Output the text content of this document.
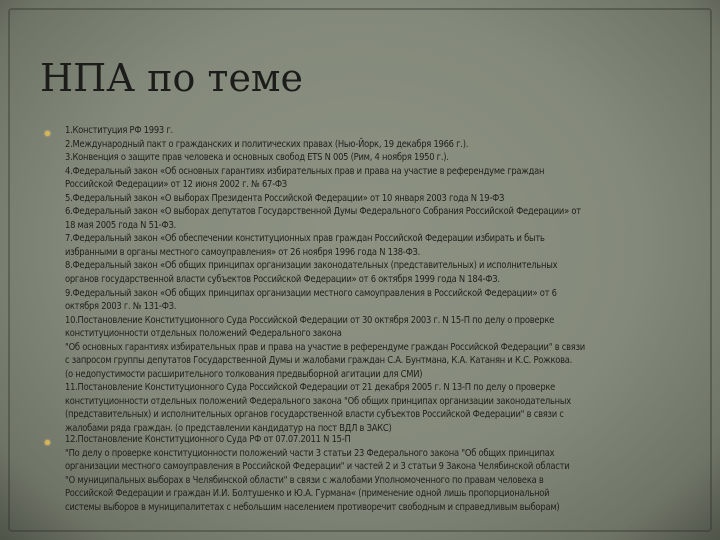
НПА по теме
1.Конституция РФ 1993 г.
2.Международный пакт о гражданских и политических правах (Нью-Йорк, 19 декабря 1966 г.).
3.Конвенция о защите прав человека и основных свобод ETS N 005 (Рим, 4 ноября 1950 г.).
4.Федеральный закон «Об основных гарантиях избирательных прав и права на участие в референдуме граждан
Российской Федерации» от 12 июня 2002 г. № 67-ФЗ
5.Федеральный закон «О выборах Президента Российской Федерации» от 10 января 2003 года N 19-ФЗ
6.Федеральный закон «О выборах депутатов Государственной Думы Федерального Собрания Российской Федерации» от
18 мая 2005 года N 51-ФЗ.
7.Федеральный закон «Об обеспечении конституционных прав граждан Российской Федерации избирать и быть
избранными в органы местного самоуправления» от 26 ноября 1996 года N 138-ФЗ.
8.Федеральный закон «Об общих принципах организации законодательных (представительных) и исполнительных
органов государственной власти субъектов Российской Федерации» от 6 октября 1999 года N 184-ФЗ.
9.Федеральный закон «Об общих принципах организации местного самоуправления в Российской Федерации» от 6
октября 2003 г. № 131-ФЗ.
10.Постановление Конституционного Суда Российской Федерации от 30 октября 2003 г. N 15-П по делу о проверке
конституционности отдельных положений Федерального закона
"Об основных гарантиях избирательных прав и права на участие в референдуме граждан Российской Федерации" в связи
с запросом группы депутатов Государственной Думы и жалобами граждан С.А. Бунтмана, К.А. Катанян и К.С. Рожкова.
(о недопустимости расширительного толкования предвыборной агитации для СМИ)
11.Постановление Конституционного Суда Российской Федерации от 21 декабря 2005 г. N 13-П по делу о проверке
конституционности отдельных положений Федерального закона "Об общих принципах организации законодательных
(представительных) и исполнительных органов государственной власти субъектов Российской Федерации" в связи с
жалобами ряда граждан. (о представлении кандидатур на пост ВДЛ в ЗАКС)
12.Постановление Конституционного Суда РФ от 07.07.2011 N 15-П
"По делу о проверке конституционности положений части 3 статьи 23 Федерального закона "Об общих принципах
организации местного самоуправления в Российской Федерации" и частей 2 и 3 статьи 9 Закона Челябинской области
"О муниципальных выборах в Челябинской области" в связи с жалобами Уполномоченного по правам человека в
Российской Федерации и граждан И.И. Болтушенко и Ю.А. Гурмана« (применение одной лишь пропорциональной
системы выборов в муниципалитетах с небольшим населением противоречит свободным и справедливым выборам)
